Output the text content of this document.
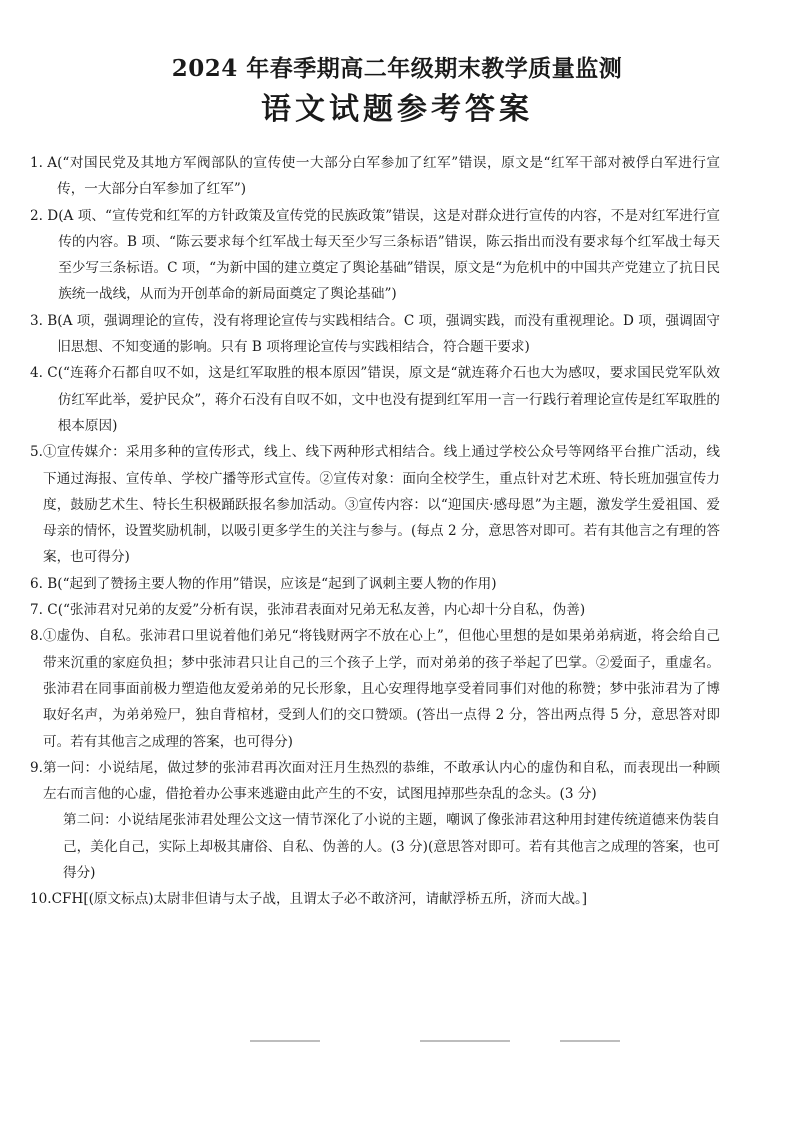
2024 年春季期高二年级期末教学质量监测
语文试题参考答案
1. A (“对国民党及其地方军阀部队的宣传使一大部分白军参加了红军”错误，原文是“红军干部对被俘白军进行宣传，一大部分白军参加了红军”)
2. D (A 项、“宣传党和红军的方针政策及宣传党的民族政策”错误，这是对群众进行宣传的内容，不是对红军进行宣传的内容。B 项、“陈云要求每个红军战士每天至少写三条标语”错误，陈云指出而没有要求每个红军战士每天至少写三条标语。C 项，“为新中国的建立奠定了舆论基础”错误，原文是“为危机中的中国共产党建立了抗日民族统一战线，从而为开创革命的新局面奠定了舆论基础”)
3. B (A 项，强调理论的宣传，没有将理论宣传与实践相结合。C 项，强调实践，而没有重视理论。D 项，强调固守旧思想、不知变通的影响。只有 B 项将理论宣传与实践相结合，符合题干要求)
4. C (“连蒋介石都自叹不如，这是红军取胜的根本原因”错误，原文是“就连蒋介石也大为感叹，要求国民党军队效仿红军此举，爱护民众”，蒋介石没有自叹不如，文中也没有提到红军用一言一行践行着理论宣传是红军取胜的根本原因)
5. ①宣传媒介：采用多种的宣传形式，线上、线下两种形式相结合。线上通过学校公众号等网络平台推广活动，线下通过海报、宣传单、学校广播等形式宣传。②宣传对象：面向全校学生，重点针对艺术班、特长班加强宣传力度，鼓励艺术生、特长生积极踊跃报名参加活动。③宣传内容：以“迎国庆·感母恩”为主题，激发学生爱祖国、爱母亲的情怀，设置奖励机制，以吸引更多学生的关注与参与。(每点 2 分，意思答对即可。若有其他言之有理的答案，也可得分)
6. B (“起到了赞扬主要人物的作用”错误，应该是“起到了讽刺主要人物的作用)
7. C (“张沛君对兄弟的友爱”分析有误，张沛君表面对兄弟无私友善，内心却十分自私，伪善)
8. ①虚伪、自私。张沛君口里说着他们弟兄“将钱财两字不放在心上”，但他心里想的是如果弟弟病逝，将会给自己带来沉重的家庭负担；梦中张沛君只让自己的三个孩子上学，而对弟弟的孩子举起了巴掌。②爱面子，重虚名。张沛君在同事面前极力塑造他友爱弟弟的兄长形象，且心安理得地享受着同事们对他的称赞；梦中张沛君为了博取好名声，为弟弟殓尸，独自背棺材，受到人们的交口赞颂。(答出一点得 2 分，答出两点得 5 分，意思答对即可。若有其他言之成理的答案，也可得分)
9. 第一问：小说结尾，做过梦的张沛君再次面对汪月生热烈的恭维，不敢承认内心的虚伪和自私，而表现出一种顾左右而言他的心虚，借抢着办公事来逃避由此产生的不安，试图甩掉那些杂乱的念头。(3 分)
第二问：小说结尾张沛君处理公文这一情节深化了小说的主题，嘲讽了像张沛君这种用封建传统道德来伪装自己，美化自己，实际上却极其庸俗、自私、伪善的人。(3 分)(意思答对即可。若有其他言之成理的答案，也可得分)
10. CFH[(原文标点)太尉非但请与太子战，且谓太子必不敢济河，请献浮桥五所，济而大战。]
